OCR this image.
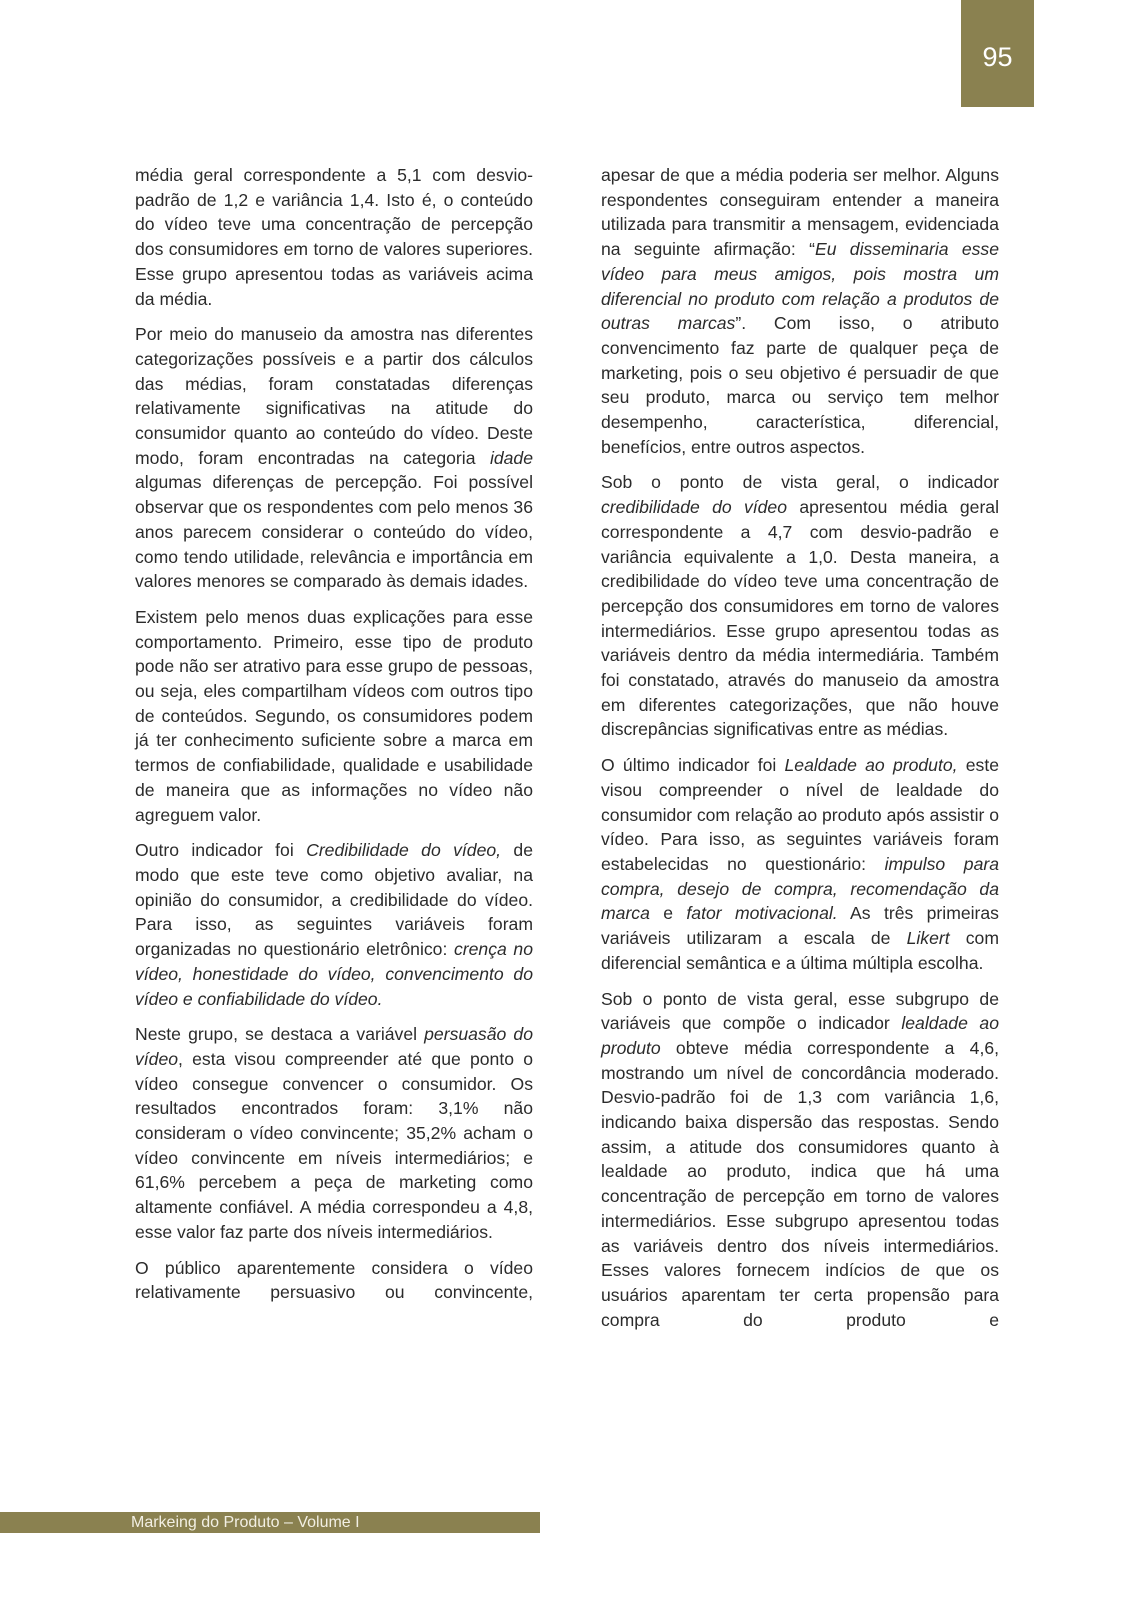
95

média geral correspondente a 5,1 com desvio-padrão de 1,2 e variância 1,4. Isto é, o conteúdo do vídeo teve uma concentração de percepção dos consumidores em torno de valores superiores. Esse grupo apresentou todas as variáveis acima da média.

Por meio do manuseio da amostra nas diferentes categorizações possíveis e a partir dos cálculos das médias, foram constatadas diferenças relativamente significativas na atitude do consumidor quanto ao conteúdo do vídeo. Deste modo, foram encontradas na categoria idade algumas diferenças de percepção. Foi possível observar que os respondentes com pelo menos 36 anos parecem considerar o conteúdo do vídeo, como tendo utilidade, relevância e importância em valores menores se comparado às demais idades.

Existem pelo menos duas explicações para esse comportamento. Primeiro, esse tipo de produto pode não ser atrativo para esse grupo de pessoas, ou seja, eles compartilham vídeos com outros tipo de conteúdos. Segundo, os consumidores podem já ter conhecimento suficiente sobre a marca em termos de confiabilidade, qualidade e usabilidade de maneira que as informações no vídeo não agreguem valor.

Outro indicador foi Credibilidade do vídeo, de modo que este teve como objetivo avaliar, na opinião do consumidor, a credibilidade do vídeo. Para isso, as seguintes variáveis foram organizadas no questionário eletrônico: crença no vídeo, honestidade do vídeo, convencimento do vídeo e confiabilidade do vídeo.

Neste grupo, se destaca a variável persuasão do vídeo, esta visou compreender até que ponto o vídeo consegue convencer o consumidor. Os resultados encontrados foram: 3,1% não consideram o vídeo convincente; 35,2% acham o vídeo convincente em níveis intermediários; e 61,6% percebem a peça de marketing como altamente confiável. A média correspondeu a 4,8, esse valor faz parte dos níveis intermediários.

O público aparentemente considera o vídeo relativamente persuasivo ou convincente,

apesar de que a média poderia ser melhor. Alguns respondentes conseguiram entender a maneira utilizada para transmitir a mensagem, evidenciada na seguinte afirmação: “Eu disseminaria esse vídeo para meus amigos, pois mostra um diferencial no produto com relação a produtos de outras marcas”. Com isso, o atributo convencimento faz parte de qualquer peça de marketing, pois o seu objetivo é persuadir de que seu produto, marca ou serviço tem melhor desempenho, característica, diferencial, benefícios, entre outros aspectos.

Sob o ponto de vista geral, o indicador credibilidade do vídeo apresentou média geral correspondente a 4,7 com desvio-padrão e variância equivalente a 1,0. Desta maneira, a credibilidade do vídeo teve uma concentração de percepção dos consumidores em torno de valores intermediários. Esse grupo apresentou todas as variáveis dentro da média intermediária. Também foi constatado, através do manuseio da amostra em diferentes categorizações, que não houve discrepâncias significativas entre as médias.

O último indicador foi Lealdade ao produto, este visou compreender o nível de lealdade do consumidor com relação ao produto após assistir o vídeo. Para isso, as seguintes variáveis foram estabelecidas no questionário: impulso para compra, desejo de compra, recomendação da marca e fator motivacional. As três primeiras variáveis utilizaram a escala de Likert com diferencial semântica e a última múltipla escolha.

Sob o ponto de vista geral, esse subgrupo de variáveis que compõe o indicador lealdade ao produto obteve média correspondente a 4,6, mostrando um nível de concordância moderado. Desvio-padrão foi de 1,3 com variância 1,6, indicando baixa dispersão das respostas. Sendo assim, a atitude dos consumidores quanto à lealdade ao produto, indica que há uma concentração de percepção em torno de valores intermediários. Esse subgrupo apresentou todas as variáveis dentro dos níveis intermediários. Esses valores fornecem indícios de que os usuários aparentam ter certa propensão para compra do produto e

Markeing do Produto – Volume I
